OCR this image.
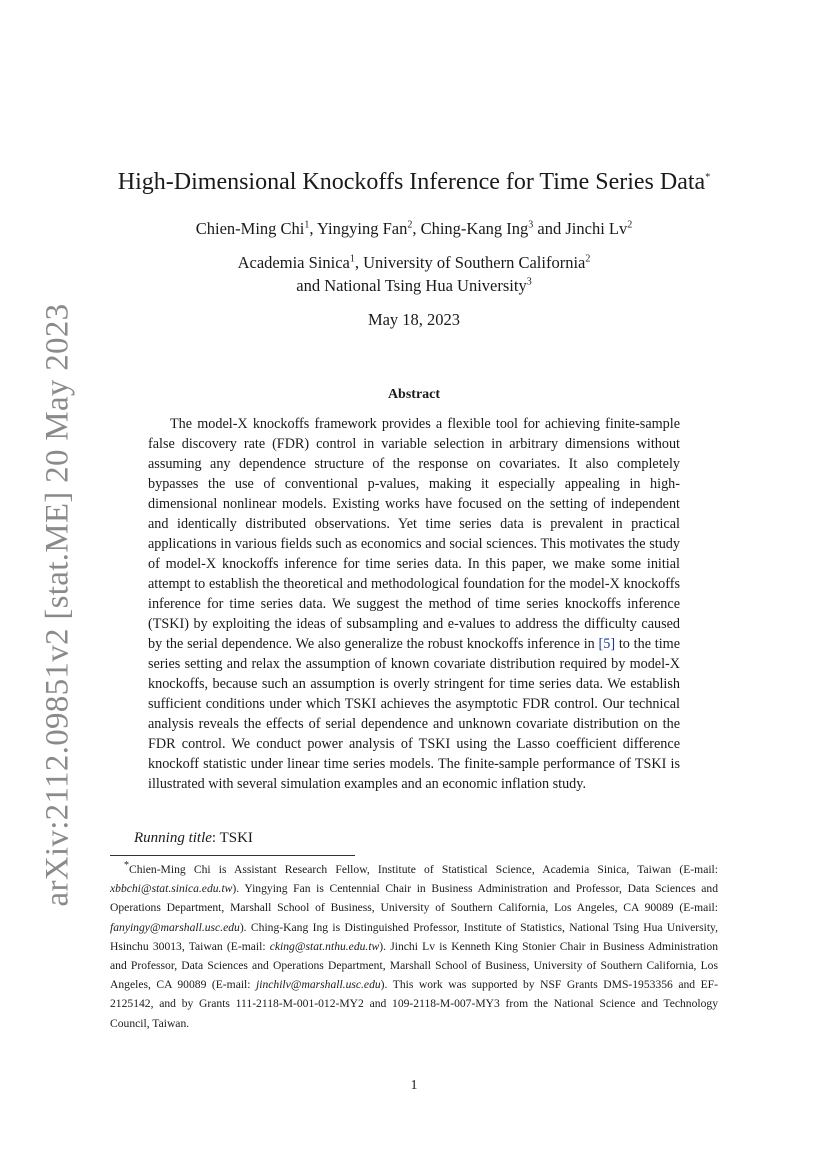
arXiv:2112.09851v2 [stat.ME] 20 May 2023
High-Dimensional Knockoffs Inference for Time Series Data*
Chien-Ming Chi$^1$, Yingying Fan$^2$, Ching-Kang Ing$^3$ and Jinchi Lv$^2$
Academia Sinica$^1$, University of Southern California$^2$
and National Tsing Hua University$^3$
May 18, 2023
Abstract
The model-X knockoffs framework provides a flexible tool for achieving finite-sample false discovery rate (FDR) control in variable selection in arbitrary dimensions without assuming any dependence structure of the response on covariates. It also completely bypasses the use of conventional p-values, making it especially appealing in high-dimensional nonlinear models. Existing works have focused on the setting of independent and identically distributed observations. Yet time series data is prevalent in practical applications in various fields such as economics and social sciences. This motivates the study of model-X knockoffs inference for time series data. In this paper, we make some initial attempt to establish the theoretical and methodological foundation for the model-X knockoffs inference for time series data. We suggest the method of time series knockoffs inference (TSKI) by exploiting the ideas of subsampling and e-values to address the difficulty caused by the serial dependence. We also generalize the robust knockoffs inference in [5] to the time series setting and relax the assumption of known covariate distribution required by model-X knockoffs, because such an assumption is overly stringent for time series data. We establish sufficient conditions under which TSKI achieves the asymptotic FDR control. Our technical analysis reveals the effects of serial dependence and unknown covariate distribution on the FDR control. We conduct power analysis of TSKI using the Lasso coefficient difference knockoff statistic under linear time series models. The finite-sample performance of TSKI is illustrated with several simulation examples and an economic inflation study.
Running title: TSKI
*Chien-Ming Chi is Assistant Research Fellow, Institute of Statistical Science, Academia Sinica, Taiwan (E-mail: xbbchi@stat.sinica.edu.tw). Yingying Fan is Centennial Chair in Business Administration and Professor, Data Sciences and Operations Department, Marshall School of Business, University of Southern California, Los Angeles, CA 90089 (E-mail: fanyingy@marshall.usc.edu). Ching-Kang Ing is Distinguished Professor, Institute of Statistics, National Tsing Hua University, Hsinchu 30013, Taiwan (E-mail: cking@stat.nthu.edu.tw). Jinchi Lv is Kenneth King Stonier Chair in Business Administration and Professor, Data Sciences and Operations Department, Marshall School of Business, University of Southern California, Los Angeles, CA 90089 (E-mail: jinchilv@marshall.usc.edu). This work was supported by NSF Grants DMS-1953356 and EF-2125142, and by Grants 111-2118-M-001-012-MY2 and 109-2118-M-007-MY3 from the National Science and Technology Council, Taiwan.
1
